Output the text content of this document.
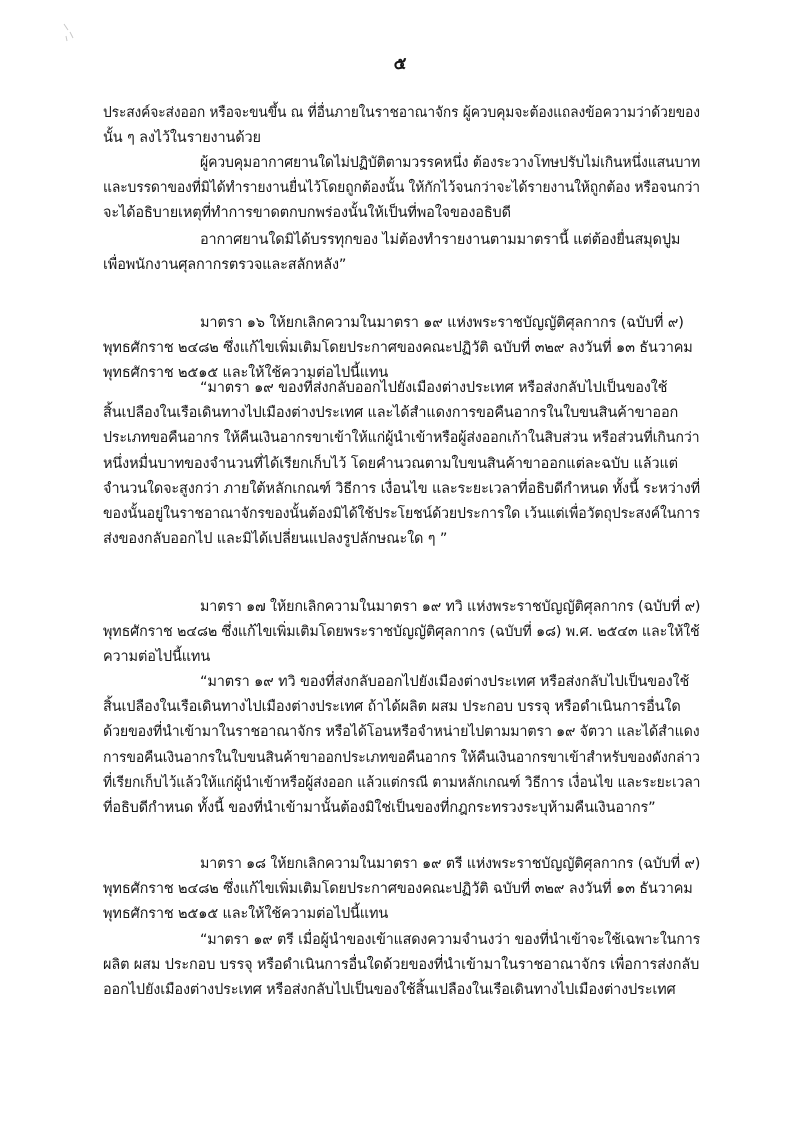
๕
ประสงค์จะส่งออก หรือจะขนขึ้น ณ ที่อื่นภายในราชอาณาจักร ผู้ควบคุมจะต้องแถลงข้อความว่าด้วยของ
นั้น ๆ ลงไว้ในรายงานด้วย
ผู้ควบคุมอากาศยานใดไม่ปฏิบัติตามวรรคหนึ่ง ต้องระวางโทษปรับไม่เกินหนึ่งแสนบาท
และบรรดาของที่มิได้ทำรายงานยื่นไว้โดยถูกต้องนั้น ให้กักไว้จนกว่าจะได้รายงานให้ถูกต้อง หรือจนกว่า
จะได้อธิบายเหตุที่ทำการขาดตกบกพร่องนั้นให้เป็นที่พอใจของอธิบดี
อากาศยานใดมิได้บรรทุกของ ไม่ต้องทำรายงานตามมาตรานี้ แต่ต้องยื่นสมุดปูม
เพื่อพนักงานศุลกากรตรวจและสลักหลัง”
มาตรา ๑๖ ให้ยกเลิกความในมาตรา ๑๙ แห่งพระราชบัญญัติศุลกากร (ฉบับที่ ๙)
พุทธศักราช ๒๔๘๒ ซึ่งแก้ไขเพิ่มเติมโดยประกาศของคณะปฏิวัติ ฉบับที่ ๓๒๙ ลงวันที่ ๑๓ ธันวาคม
พุทธศักราช ๒๕๑๕ และให้ใช้ความต่อไปนี้แทน
“มาตรา ๑๙ ของที่ส่งกลับออกไปยังเมืองต่างประเทศ หรือส่งกลับไปเป็นของใช้
สิ้นเปลืองในเรือเดินทางไปเมืองต่างประเทศ และได้สำแดงการขอคืนอากรในใบขนสินค้าขาออก
ประเภทขอคืนอากร ให้คืนเงินอากรขาเข้าให้แก่ผู้นำเข้าหรือผู้ส่งออกเก้าในสิบส่วน หรือส่วนที่เกินกว่า
หนึ่งหมื่นบาทของจำนวนที่ได้เรียกเก็บไว้ โดยคำนวณตามใบขนสินค้าขาออกแต่ละฉบับ แล้วแต่
จำนวนใดจะสูงกว่า ภายใต้หลักเกณฑ์ วิธีการ เงื่อนไข และระยะเวลาที่อธิบดีกำหนด ทั้งนี้ ระหว่างที่
ของนั้นอยู่ในราชอาณาจักรของนั้นต้องมิได้ใช้ประโยชน์ด้วยประการใด เว้นแต่เพื่อวัตถุประสงค์ในการ
ส่งของกลับออกไป และมิได้เปลี่ยนแปลงรูปลักษณะใด ๆ ”
มาตรา ๑๗ ให้ยกเลิกความในมาตรา ๑๙ ทวิ แห่งพระราชบัญญัติศุลกากร (ฉบับที่ ๙)
พุทธศักราช ๒๔๘๒ ซึ่งแก้ไขเพิ่มเติมโดยพระราชบัญญัติศุลกากร (ฉบับที่ ๑๘) พ.ศ. ๒๕๔๓ และให้ใช้
ความต่อไปนี้แทน
“มาตรา ๑๙ ทวิ ของที่ส่งกลับออกไปยังเมืองต่างประเทศ หรือส่งกลับไปเป็นของใช้
สิ้นเปลืองในเรือเดินทางไปเมืองต่างประเทศ ถ้าได้ผลิต ผสม ประกอบ บรรจุ หรือดำเนินการอื่นใด
ด้วยของที่นำเข้ามาในราชอาณาจักร หรือได้โอนหรือจำหน่ายไปตามมาตรา ๑๙ จัตวา และได้สำแดง
การขอคืนเงินอากรในใบขนสินค้าขาออกประเภทขอคืนอากร ให้คืนเงินอากรขาเข้าสำหรับของดังกล่าว
ที่เรียกเก็บไว้แล้วให้แก่ผู้นำเข้าหรือผู้ส่งออก แล้วแต่กรณี ตามหลักเกณฑ์ วิธีการ เงื่อนไข และระยะเวลา
ที่อธิบดีกำหนด ทั้งนี้ ของที่นำเข้ามานั้นต้องมิใช่เป็นของที่กฎกระทรวงระบุห้ามคืนเงินอากร”
มาตรา ๑๘ ให้ยกเลิกความในมาตรา ๑๙ ตรี แห่งพระราชบัญญัติศุลกากร (ฉบับที่ ๙)
พุทธศักราช ๒๔๘๒ ซึ่งแก้ไขเพิ่มเติมโดยประกาศของคณะปฏิวัติ ฉบับที่ ๓๒๙ ลงวันที่ ๑๓ ธันวาคม
พุทธศักราช ๒๕๑๕ และให้ใช้ความต่อไปนี้แทน
“มาตรา ๑๙ ตรี เมื่อผู้นำของเข้าแสดงความจำนงว่า ของที่นำเข้าจะใช้เฉพาะในการ
ผลิต ผสม ประกอบ บรรจุ หรือดำเนินการอื่นใดด้วยของที่นำเข้ามาในราชอาณาจักร เพื่อการส่งกลับ
ออกไปยังเมืองต่างประเทศ หรือส่งกลับไปเป็นของใช้สิ้นเปลืองในเรือเดินทางไปเมืองต่างประเทศ
